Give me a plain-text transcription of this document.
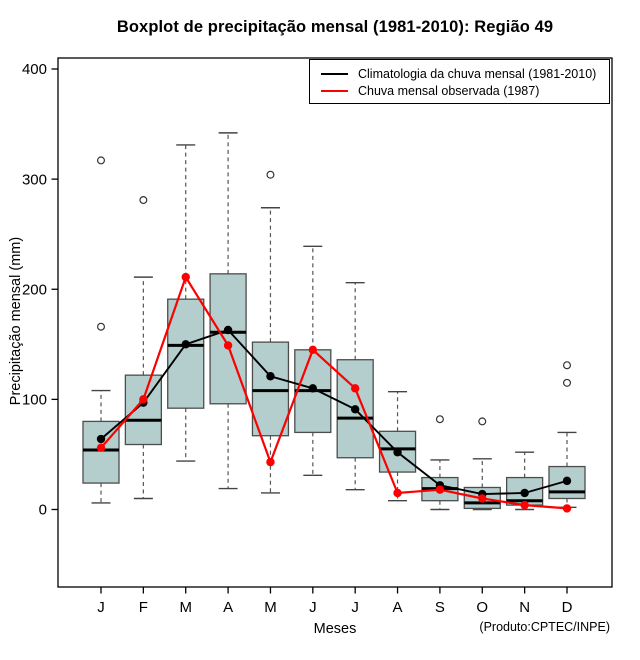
0
100
200
300
400
J F M A M J J A S O N D
Boxplot de precipitação mensal (1981-2010): Região 49
Precipitação mensal (mm)
Meses	(Produto:CPTEC/INPE)
Climatologia da chuva mensal (1981-2010)
Chuva mensal observada (1987)
